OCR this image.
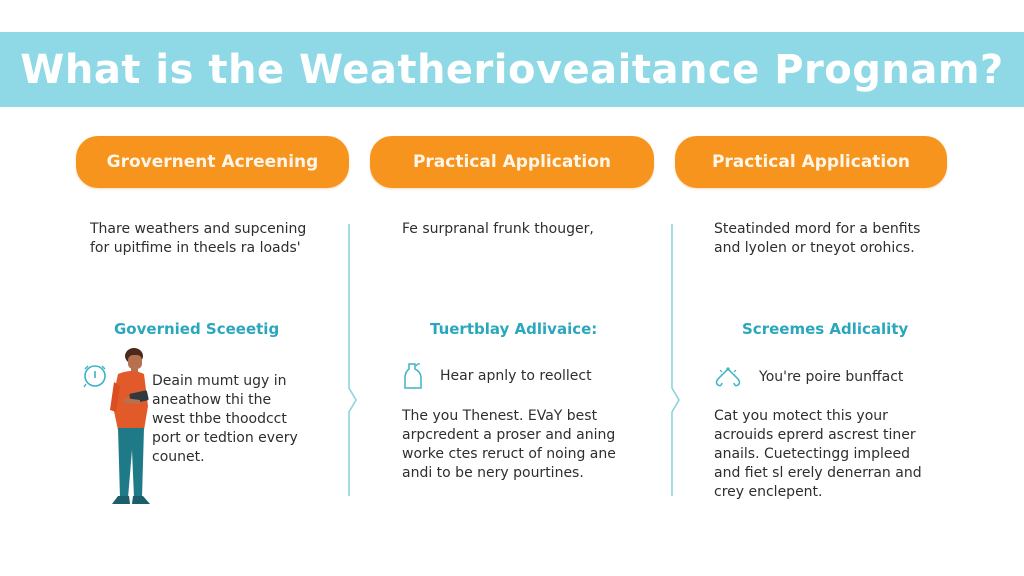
What is the Weatherioveaitance Prognam?
Grovernent Acreening	Practical Application	Practical Application
Thare weathers and supcening
for upitfime in theels ra loads'
Fe surpranal frunk thouger,	Steatinded mord for a benfits
and lyolen or tneyot orohics.
Governied Sceeetig	Tuertblay Adlivaice:	Screemes Adlicality
Deain mumt ugy in
aneathow thi the
west thbe thoodcct
port or tedtion every
counet.
Hear apnly to reollect
The you Thenest. EVaY best
arpcredent a proser and aning
worke ctes reruct of noing ane
andi to be nery pourtines.
You're poire bunffact
Cat you motect this your
acrouids eprerd ascrest tiner
anails. Cuetectingg impleed
and fiet sl erely denerran and
crey enclepent.
